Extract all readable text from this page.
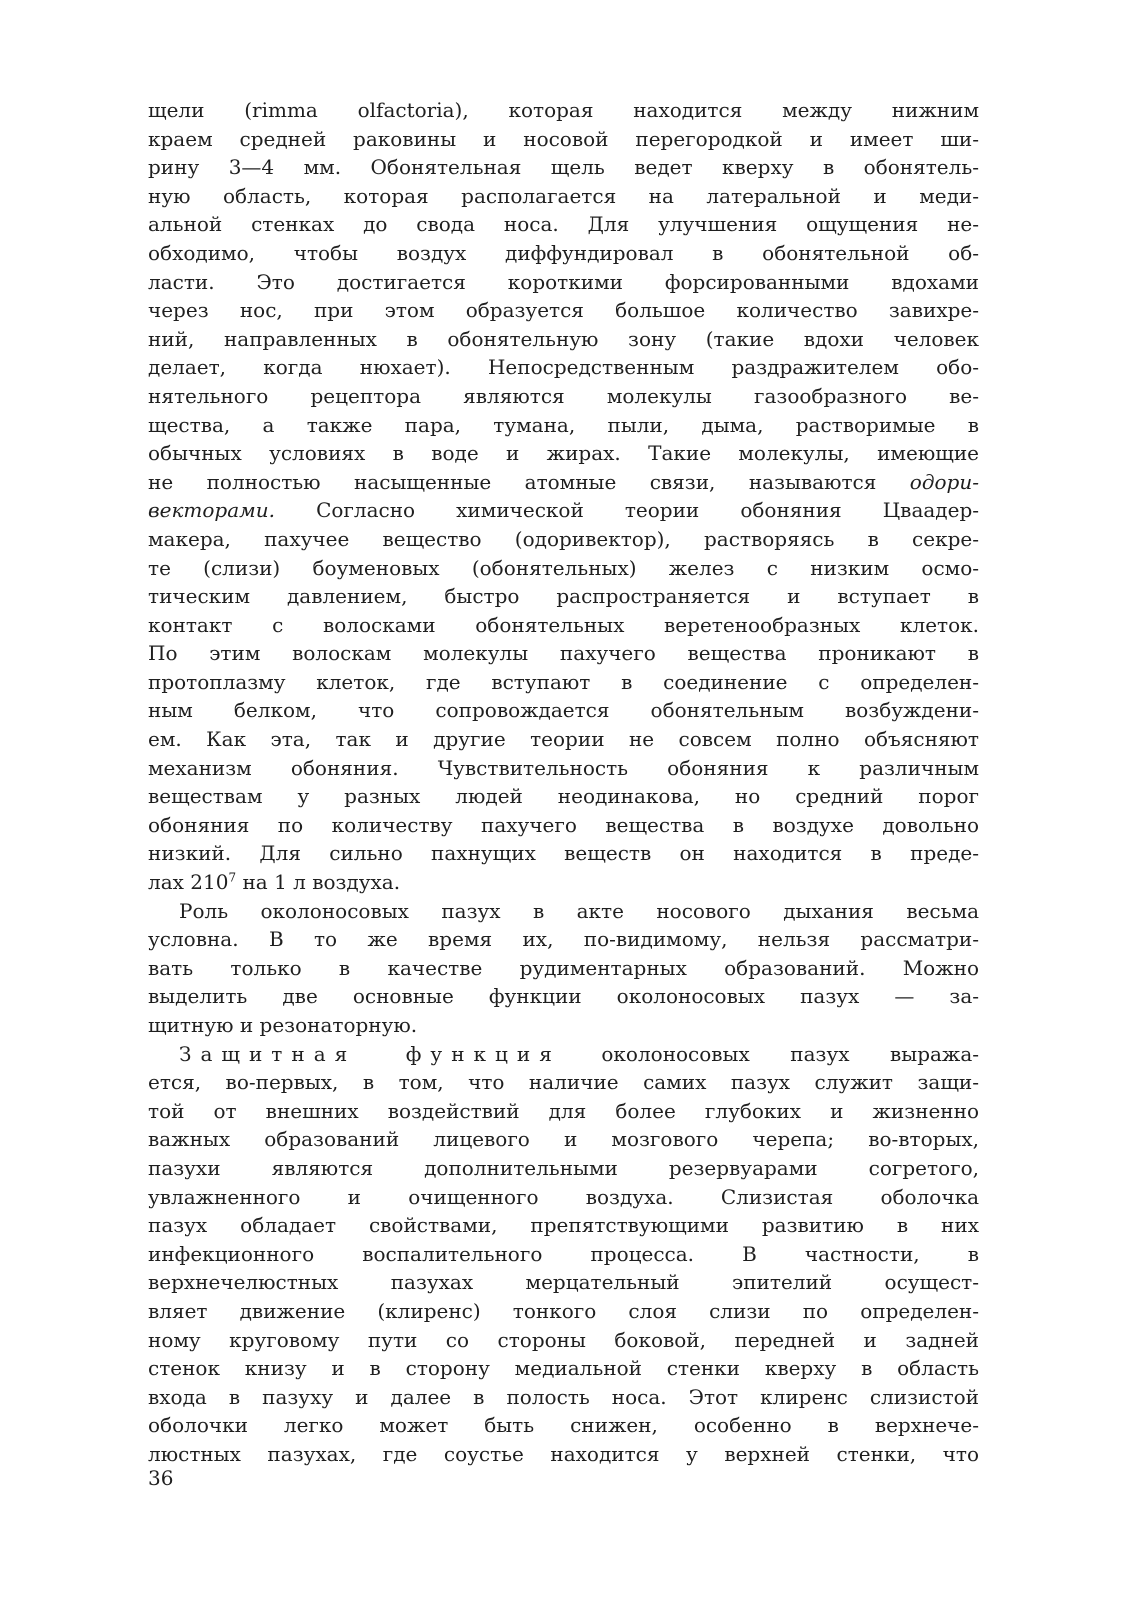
щели (rimma olfactoria), которая находится между нижним
краем средней раковины и носовой перегородкой и имеет ши-
рину 3—4 мм. Обонятельная щель ведет кверху в обонятель-
ную область, которая располагается на латеральной и меди-
альной стенках до свода носа. Для улучшения ощущения не-
обходимо, чтобы воздух диффундировал в обонятельной об-
ласти. Это достигается короткими форсированными вдохами
через нос, при этом образуется большое количество завихре-
ний, направленных в обонятельную зону (такие вдохи человек
делает, когда нюхает). Непосредственным раздражителем обо-
нятельного рецептора являются молекулы газообразного ве-
щества, а также пара, тумана, пыли, дыма, растворимые в
обычных условиях в воде и жирах. Такие молекулы, имеющие
не полностью насыщенные атомные связи, называются одори-
векторами. Согласно химической теории обоняния Цваадер-
макера, пахучее вещество (одоривектор), растворяясь в секре-
те (слизи) боуменовых (обонятельных) желез с низким осмо-
тическим давлением, быстро распространяется и вступает в
контакт с волосками обонятельных веретенообразных клеток.
По этим волоскам молекулы пахучего вещества проникают в
протоплазму клеток, где вступают в соединение с определен-
ным белком, что сопровождается обонятельным возбуждени-
ем. Как эта, так и другие теории не совсем полно объясняют
механизм обоняния. Чувствительность обоняния к различным
веществам у разных людей неодинакова, но средний порог
обоняния по количеству пахучего вещества в воздухе довольно
низкий. Для сильно пахнущих веществ он находится в преде-
лах $210^7$ на 1 л воздуха.
Роль околоносовых пазух в акте носового дыхания весьма
условна. В то же время их, по-видимому, нельзя рассматри-
вать только в качестве рудиментарных образований. Можно
выделить две основные функции околоносовых пазух — за-
щитную и резонаторную.
Защитная функция околоносовых пазух выража-
ется, во-первых, в том, что наличие самих пазух служит защи-
той от внешних воздействий для более глубоких и жизненно
важных образований лицевого и мозгового черепа; во-вторых,
пазухи являются дополнительными резервуарами согретого,
увлажненного и очищенного воздуха. Слизистая оболочка
пазух обладает свойствами, препятствующими развитию в них
инфекционного воспалительного процесса. В частности, в
верхнечелюстных пазухах мерцательный эпителий осущест-
вляет движение (клиренс) тонкого слоя слизи по определен-
ному круговому пути со стороны боковой, передней и задней
стенок книзу и в сторону медиальной стенки кверху в область
входа в пазуху и далее в полость носа. Этот клиренс слизистой
оболочки легко может быть снижен, особенно в верхнече-
люстных пазухах, где соустье находится у верхней стенки, что
36
